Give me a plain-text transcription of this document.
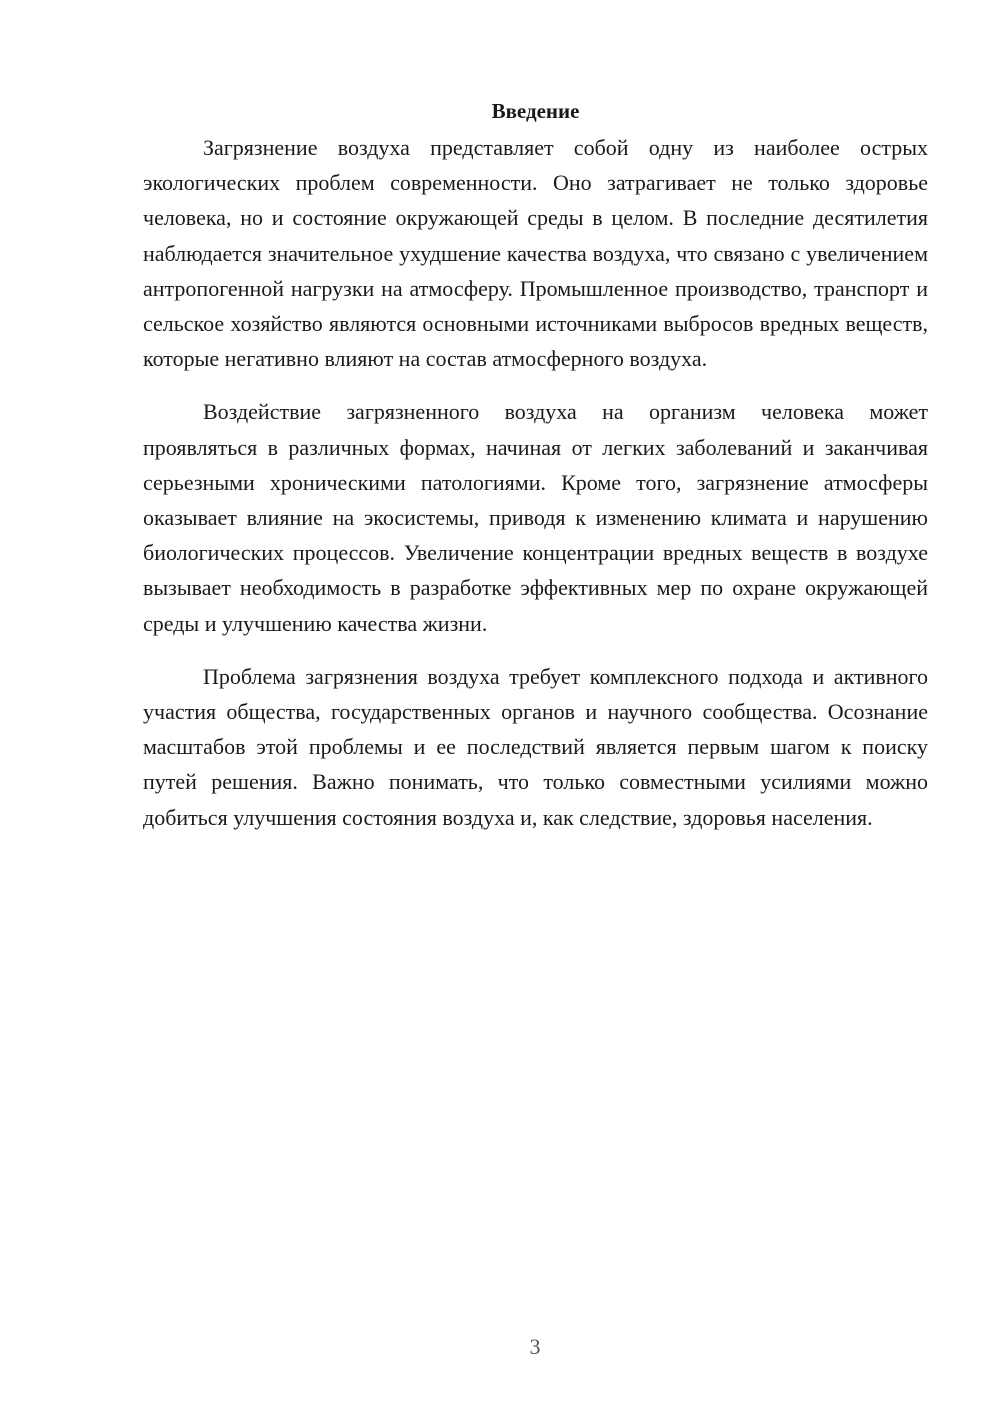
Введение

Загрязнение воздуха представляет собой одну из наиболее острых экологических проблем современности. Оно затрагивает не только здоровье человека, но и состояние окружающей среды в целом. В последние десятилетия наблюдается значительное ухудшение качества воздуха, что связано с увеличением антропогенной нагрузки на атмосферу. Промышленное производство, транспорт и сельское хозяйство являются основными источниками выбросов вредных веществ, которые негативно влияют на состав атмосферного воздуха.

Воздействие загрязненного воздуха на организм человека может проявляться в различных формах, начиная от легких заболеваний и заканчивая серьезными хроническими патологиями. Кроме того, загрязнение атмосферы оказывает влияние на экосистемы, приводя к изменению климата и нарушению биологических процессов. Увеличение концентрации вредных веществ в воздухе вызывает необходимость в разработке эффективных мер по охране окружающей среды и улучшению качества жизни.

Проблема загрязнения воздуха требует комплексного подхода и активного участия общества, государственных органов и научного сообщества. Осознание масштабов этой проблемы и ее последствий является первым шагом к поиску путей решения. Важно понимать, что только совместными усилиями можно добиться улучшения состояния воздуха и, как следствие, здоровья населения.

3
